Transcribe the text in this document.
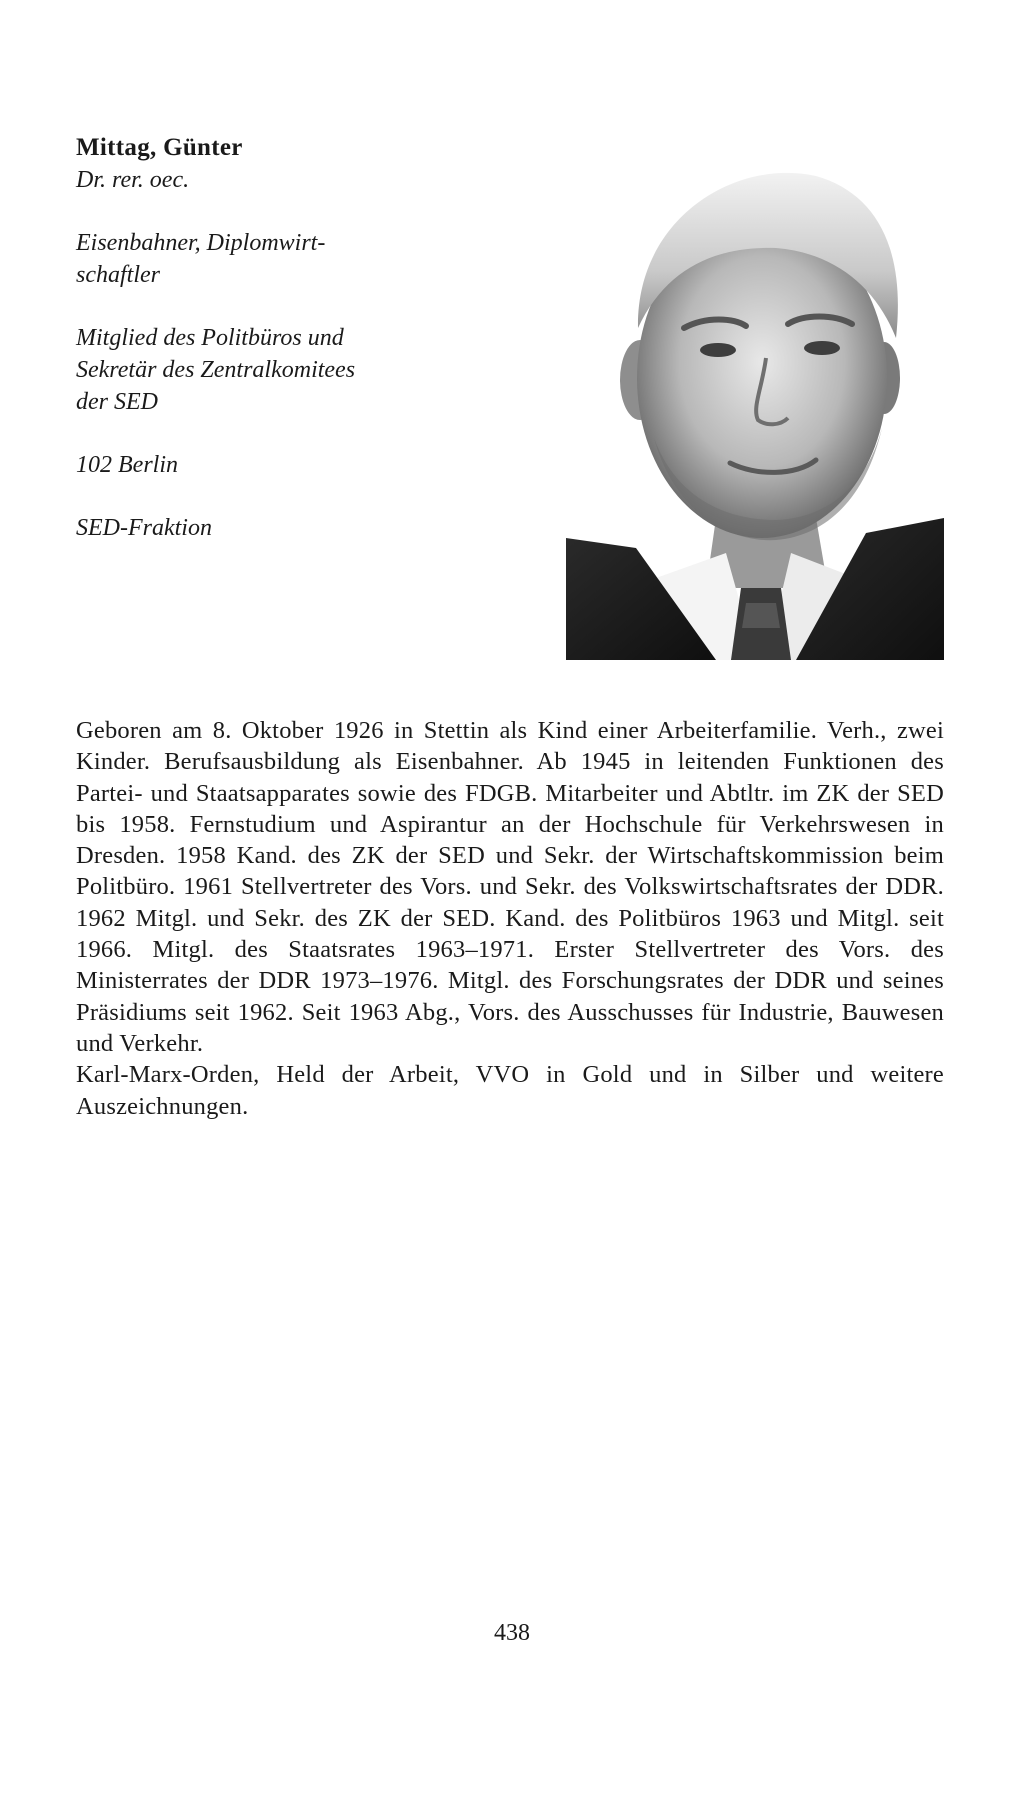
Mittag, Günter

Dr. rer. oec.

Eisenbahner, Diplomwirt-

schaftler

Mitglied des Politbüros und

Sekretär des Zentralkomitees

der SED

102 Berlin

SED-Fraktion

Geboren am 8. Oktober 1926 in Stettin als Kind einer Arbeiterfamilie. Verh., zwei Kinder. Berufsausbildung als Eisenbahner. Ab 1945 in leitenden Funktionen des Partei- und Staatsapparates sowie des FDGB. Mitarbeiter und Abtltr. im ZK der SED bis 1958. Fernstudium und Aspirantur an der Hochschule für Verkehrswesen in Dresden. 1958 Kand. des ZK der SED und Sekr. der Wirtschaftskommission beim Politbüro. 1961 Stellvertreter des Vors. und Sekr. des Volkswirtschaftsrates der DDR. 1962 Mitgl. und Sekr. des ZK der SED. Kand. des Politbüros 1963 und Mitgl. seit 1966. Mitgl. des Staatsrates 1963–1971. Erster Stellvertreter des Vors. des Ministerrates der DDR 1973–1976. Mitgl. des Forschungsrates der DDR und seines Präsidiums seit 1962. Seit 1963 Abg., Vors. des Ausschusses für Industrie, Bauwesen und Verkehr.

Karl-Marx-Orden, Held der Arbeit, VVO in Gold und in Silber und weitere Auszeichnungen.

438
